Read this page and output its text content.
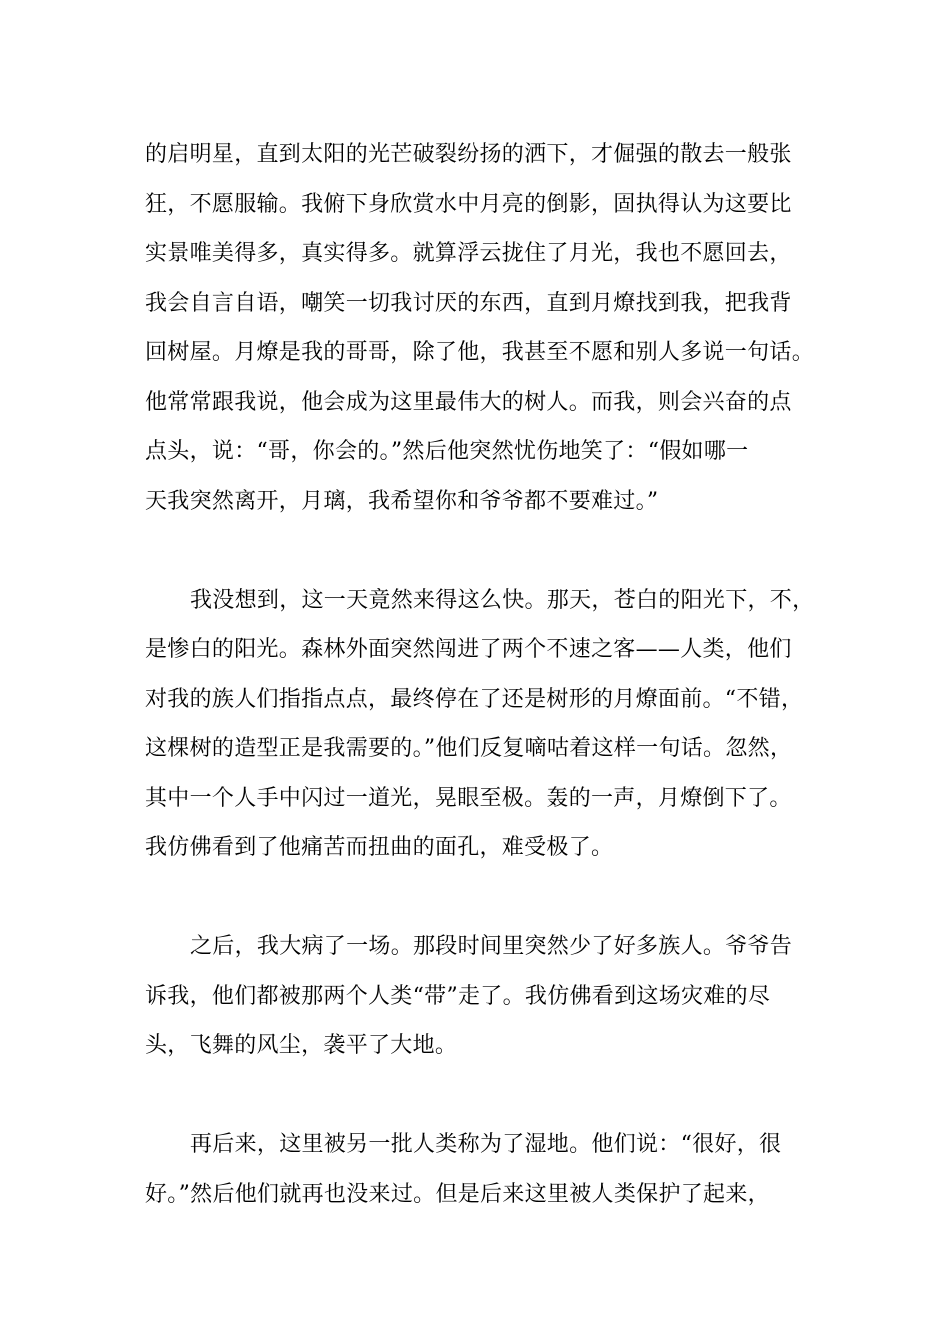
的启明星，直到太阳的光芒破裂纷扬的洒下，才倔强的散去一般张
狂，不愿服输。我俯下身欣赏水中月亮的倒影，固执得认为这要比
实景唯美得多，真实得多。就算浮云拢住了月光，我也不愿回去，
我会自言自语，嘲笑一切我讨厌的东西，直到月燎找到我，把我背
回树屋。月燎是我的哥哥，除了他，我甚至不愿和别人多说一句话。
他常常跟我说，他会成为这里最伟大的树人。而我，则会兴奋的点
点头，说：“哥，你会的。”然后他突然忧伤地笑了：“假如哪一
天我突然离开，月璃，我希望你和爷爷都不要难过。”
我没想到，这一天竟然来得这么快。那天，苍白的阳光下，不，
是惨白的阳光。森林外面突然闯进了两个不速之客——人类，他们
对我的族人们指指点点，最终停在了还是树形的月燎面前。“不错，
这棵树的造型正是我需要的。”他们反复嘀咕着这样一句话。忽然，
其中一个人手中闪过一道光，晃眼至极。轰的一声，月燎倒下了。
我仿佛看到了他痛苦而扭曲的面孔，难受极了。
之后，我大病了一场。那段时间里突然少了好多族人。爷爷告
诉我，他们都被那两个人类“带”走了。我仿佛看到这场灾难的尽
头，飞舞的风尘，袭平了大地。
再后来，这里被另一批人类称为了湿地。他们说：“很好，很
好。”然后他们就再也没来过。但是后来这里被人类保护了起来，
